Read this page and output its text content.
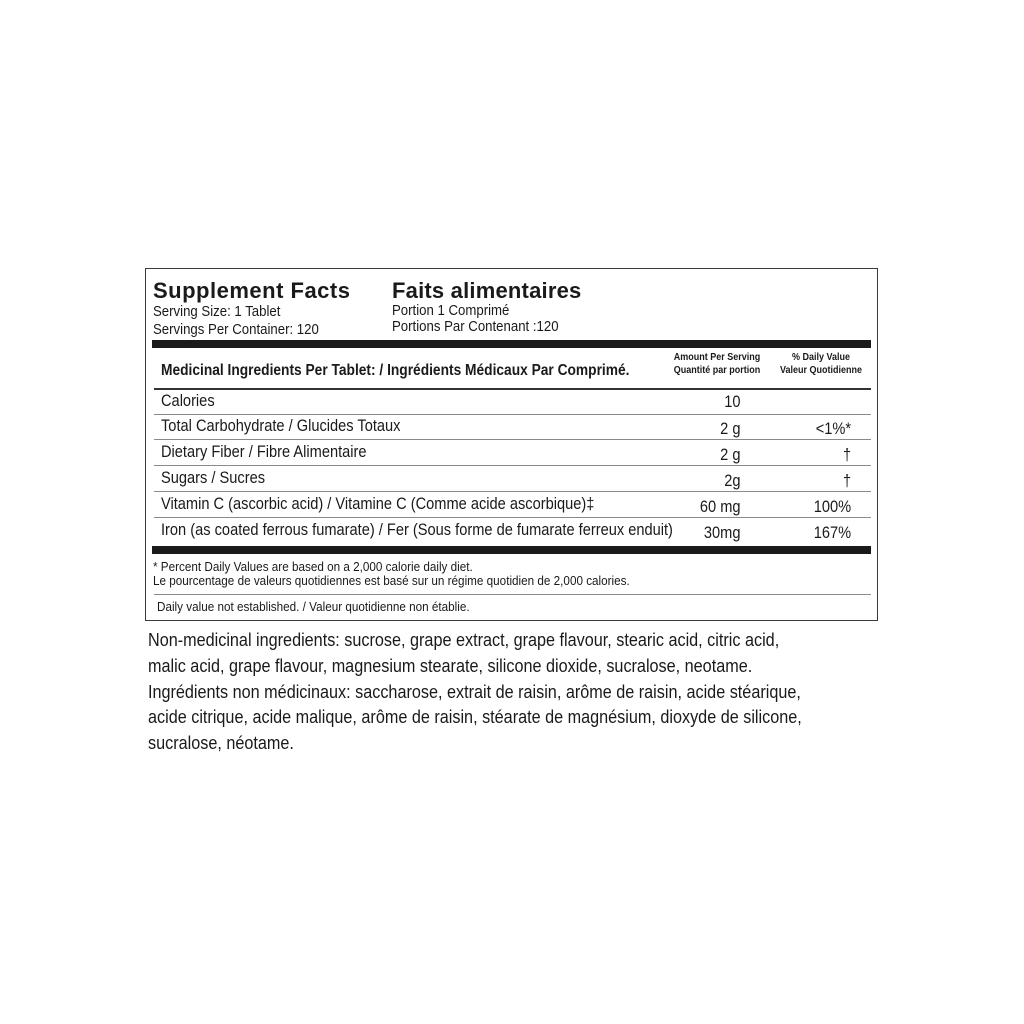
Supplement Facts Faits alimentaires
Serving Size: 1 Tablet
Servings Per Container: 120
Portion 1 Comprimé
Portions Par Contenant :120
Medicinal Ingredients Per Tablet: / Ingrédients Médicaux Par Comprimé.
Amount Per Serving
Quantité par portion
% Daily Value
Valeur Quotidienne
Calories	10
Total Carbohydrate / Glucides Totaux	2 g	<1%*
Dietary Fiber / Fibre Alimentaire	2 g	†
Sugars / Sucres	2g	†
Vitamin C (ascorbic acid) / Vitamine C (Comme acide ascorbique)‡	60 mg	100%
Iron (as coated ferrous fumarate) / Fer (Sous forme de fumarate ferreux enduit)	30mg	167%
* Percent Daily Values are based on a 2,000 calorie daily diet.
Le pourcentage de valeurs quotidiennes est basé sur un régime quotidien de 2,000 calories.
Daily value not established. / Valeur quotidienne non établie.
Non-medicinal ingredients: sucrose, grape extract, grape flavour, stearic acid, citric acid,
malic acid, grape flavour, magnesium stearate, silicone dioxide, sucralose, neotame.
Ingrédients non médicinaux: saccharose, extrait de raisin, arôme de raisin, acide stéarique,
acide citrique, acide malique, arôme de raisin, stéarate de magnésium, dioxyde de silicone,
sucralose, néotame.
